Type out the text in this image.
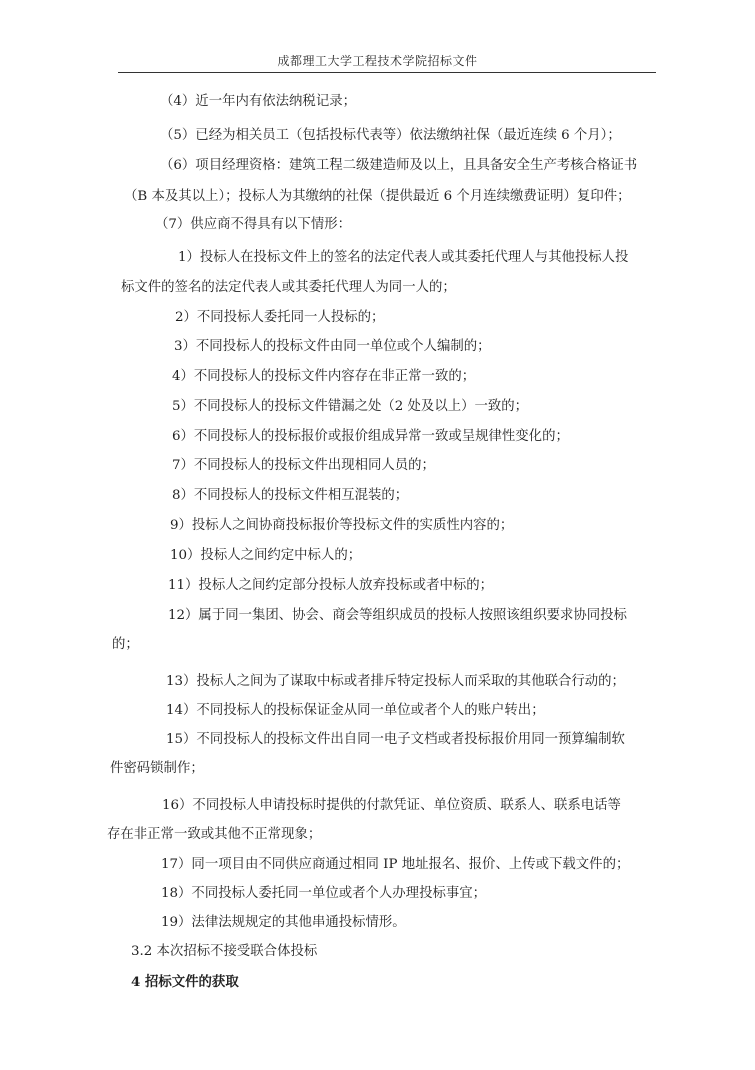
成都理工大学工程技术学院招标文件
（4）近一年内有依法纳税记录；
（5）已经为相关员工（包括投标代表等）依法缴纳社保（最近连续 6 个月）；
（6）项目经理资格：建筑工程二级建造师及以上，且具备安全生产考核合格证书
（B 本及其以上）；投标人为其缴纳的社保（提供最近 6 个月连续缴费证明）复印件；
（7）供应商不得具有以下情形：
1）投标人在投标文件上的签名的法定代表人或其委托代理人与其他投标人投
标文件的签名的法定代表人或其委托代理人为同一人的；
2）不同投标人委托同一人投标的；
3）不同投标人的投标文件由同一单位或个人编制的；
4）不同投标人的投标文件内容存在非正常一致的；
5）不同投标人的投标文件错漏之处（2 处及以上）一致的；
6）不同投标人的投标报价或报价组成异常一致或呈规律性变化的；
7）不同投标人的投标文件出现相同人员的；
8）不同投标人的投标文件相互混装的；
9）投标人之间协商投标报价等投标文件的实质性内容的；
10）投标人之间约定中标人的；
11）投标人之间约定部分投标人放弃投标或者中标的；
12）属于同一集团、协会、商会等组织成员的投标人按照该组织要求协同投标
的；
13）投标人之间为了谋取中标或者排斥特定投标人而采取的其他联合行动的；
14）不同投标人的投标保证金从同一单位或者个人的账户转出；
15）不同投标人的投标文件出自同一电子文档或者投标报价用同一预算编制软
件密码锁制作；
16）不同投标人申请投标时提供的付款凭证、单位资质、联系人、联系电话等
存在非正常一致或其他不正常现象；
17）同一项目由不同供应商通过相同 IP 地址报名、报价、上传或下载文件的；
18）不同投标人委托同一单位或者个人办理投标事宜；
19）法律法规规定的其他串通投标情形。
3.2 本次招标不接受联合体投标
4 招标文件的获取
